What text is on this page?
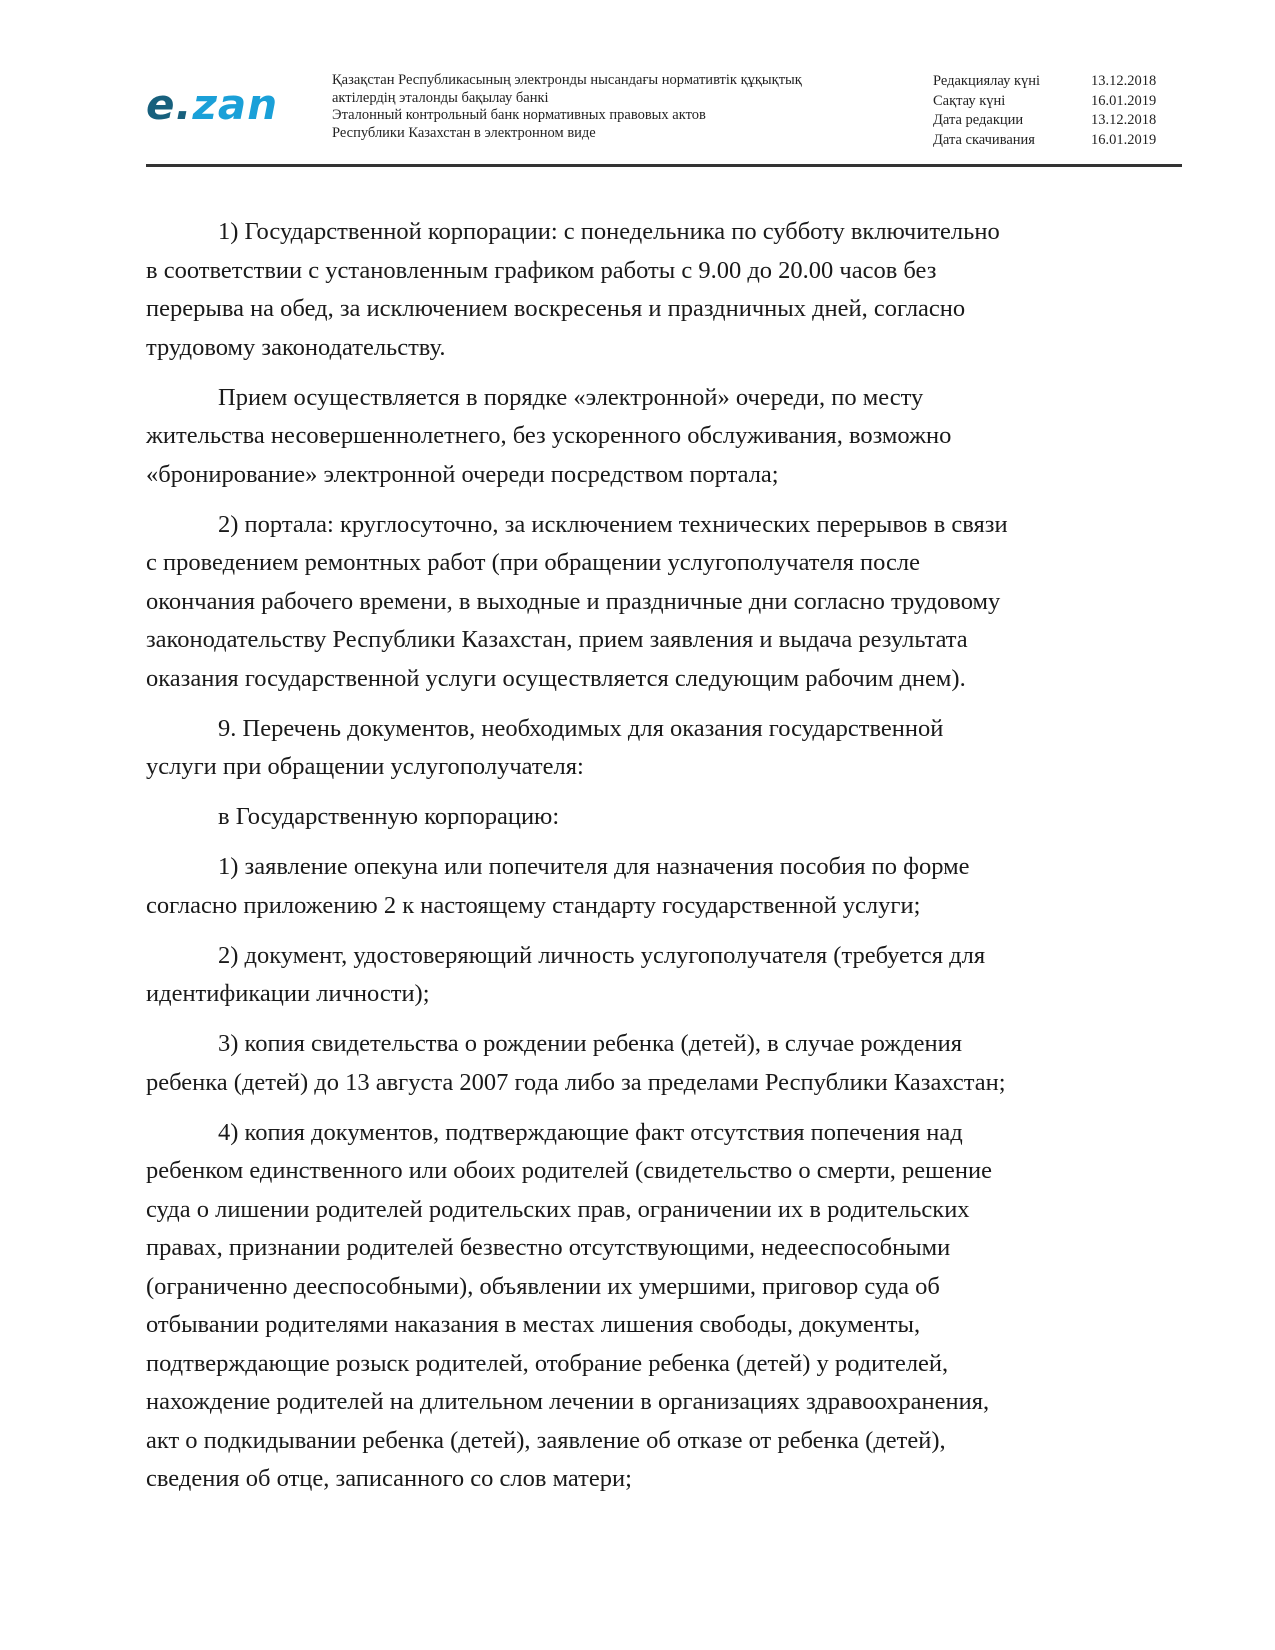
e.zan	Қазақстан Республикасының электронды нысандағы нормативтік құқықтық
актілердің эталонды бақылау банкі
Эталонный контрольный банк нормативных правовых актов
Республики Казахстан в электронном виде
Редакциялау күні	13.12.2018
Сақтау күні	16.01.2019
Дата редакции	13.12.2018
Дата скачивания	16.01.2019
1) Государственной корпорации: с понедельника по субботу включительно
в соответствии с установленным графиком работы с 9.00 до 20.00 часов без
перерыва на обед, за исключением воскресенья и праздничных дней, согласно
трудовому законодательству.
Прием осуществляется в порядке «электронной» очереди, по месту
жительства несовершеннолетнего, без ускоренного обслуживания, возможно
«бронирование» электронной очереди посредством портала;
2) портала: круглосуточно, за исключением технических перерывов в связи
с проведением ремонтных работ (при обращении услугополучателя после
окончания рабочего времени, в выходные и праздничные дни согласно трудовому
законодательству Республики Казахстан, прием заявления и выдача результата
оказания государственной услуги осуществляется следующим рабочим днем).
9. Перечень документов, необходимых для оказания государственной
услуги при обращении услугополучателя:
в Государственную корпорацию:
1) заявление опекуна или попечителя для назначения пособия по форме
согласно приложению 2 к настоящему стандарту государственной услуги;
2) документ, удостоверяющий личность услугополучателя (требуется для
идентификации личности);
3) копия свидетельства о рождении ребенка (детей), в случае рождения
ребенка (детей) до 13 августа 2007 года либо за пределами Республики Казахстан;
4) копия документов, подтверждающие факт отсутствия попечения над
ребенком единственного или обоих родителей (свидетельство о смерти, решение
суда о лишении родителей родительских прав, ограничении их в родительских
правах, признании родителей безвестно отсутствующими, недееспособными
(ограниченно дееспособными), объявлении их умершими, приговор суда об
отбывании родителями наказания в местах лишения свободы, документы,
подтверждающие розыск родителей, отобрание ребенка (детей) у родителей,
нахождение родителей на длительном лечении в организациях здравоохранения,
акт о подкидывании ребенка (детей), заявление об отказе от ребенка (детей),
сведения об отце, записанного со слов матери;
